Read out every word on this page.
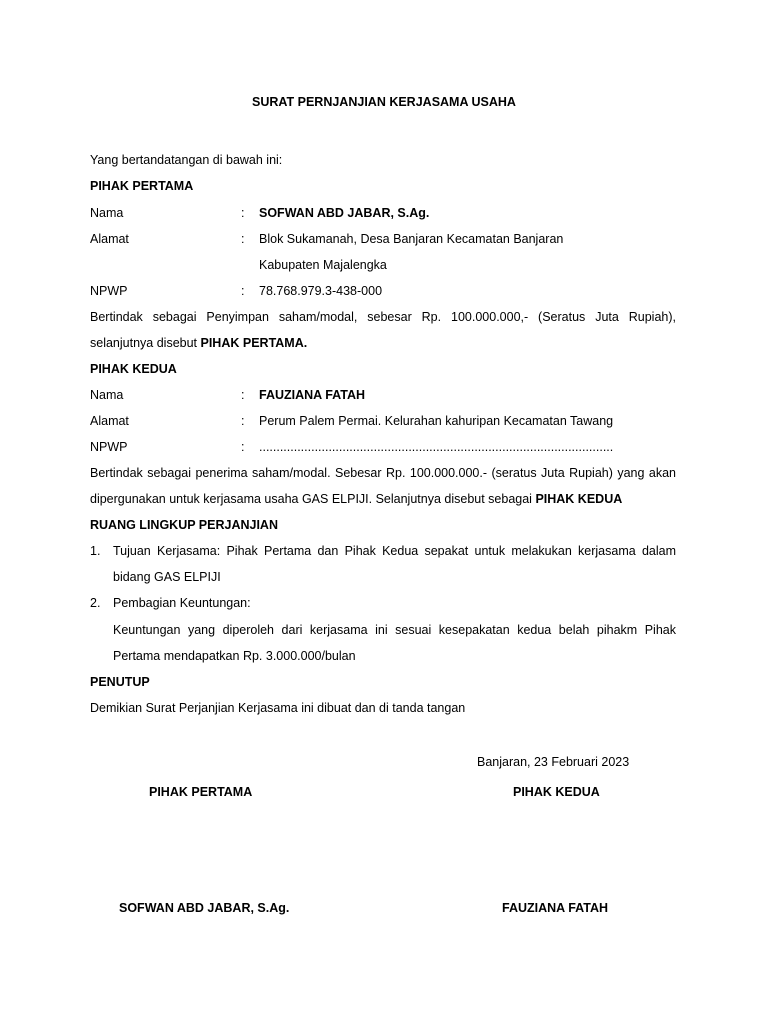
SURAT PERNJANJIAN KERJASAMA USAHA
Yang bertandatangan di bawah ini:
PIHAK PERTAMA
Nama	: SOFWAN ABD JABAR, S.Ag.
Alamat	: Blok Sukamanah, Desa Banjaran Kecamatan Banjaran
Kabupaten Majalengka
NPWP	: 78.768.979.3-438-000
Bertindak sebagai Penyimpan saham/modal, sebesar Rp. 100.000.000,- (Seratus Juta Rupiah),
selanjutnya disebut PIHAK PERTAMA.
PIHAK KEDUA
Nama	: FAUZIANA FATAH
Alamat	: Perum Palem Permai. Kelurahan kahuripan Kecamatan Tawang
NPWP	: ......................................................................................................
Bertindak sebagai penerima saham/modal. Sebesar Rp. 100.000.000.- (seratus Juta Rupiah) yang akan
dipergunakan untuk kerjasama usaha GAS ELPIJI. Selanjutnya disebut sebagai PIHAK KEDUA
RUANG LINGKUP PERJANJIAN
1. Tujuan Kerjasama: Pihak Pertama dan Pihak Kedua sepakat untuk melakukan kerjasama dalam
bidang GAS ELPIJI
2. Pembagian Keuntungan:
Keuntungan yang diperoleh dari kerjasama ini sesuai kesepakatan kedua belah pihakm Pihak
Pertama mendapatkan Rp. 3.000.000/bulan
PENUTUP
Demikian Surat Perjanjian Kerjasama ini dibuat dan di tanda tangan
Banjaran, 23 Februari 2023
PIHAK PERTAMA	PIHAK KEDUA
SOFWAN ABD JABAR, S.Ag.	FAUZIANA FATAH
